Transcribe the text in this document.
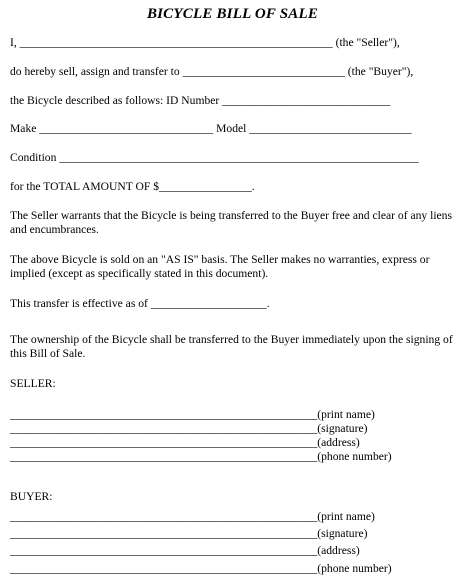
BICYCLE BILL OF SALE
I, ______________________________________________________ (the "Seller"),
do hereby sell, assign and transfer to ____________________________ (the "Buyer"),
the Bicycle described as follows: ID Number _____________________________
Make ______________________________ Model ____________________________
Condition ______________________________________________________________
for the TOTAL AMOUNT OF $________________.
The Seller warrants that the Bicycle is being transferred to the Buyer free and clear of any liens and encumbrances.
The above Bicycle is sold on an "AS IS" basis. The Seller makes no warranties, express or implied (except as specifically stated in this document).
This transfer is effective as of ____________________.
The ownership of the Bicycle shall be transferred to the Buyer immediately upon the signing of this Bill of Sale.
SELLER:
_____________________________________________________(print name)
_____________________________________________________(signature)
_____________________________________________________(address)
_____________________________________________________(phone number)
BUYER:
_____________________________________________________(print name)
_____________________________________________________(signature)
_____________________________________________________(address)
_____________________________________________________(phone number)
